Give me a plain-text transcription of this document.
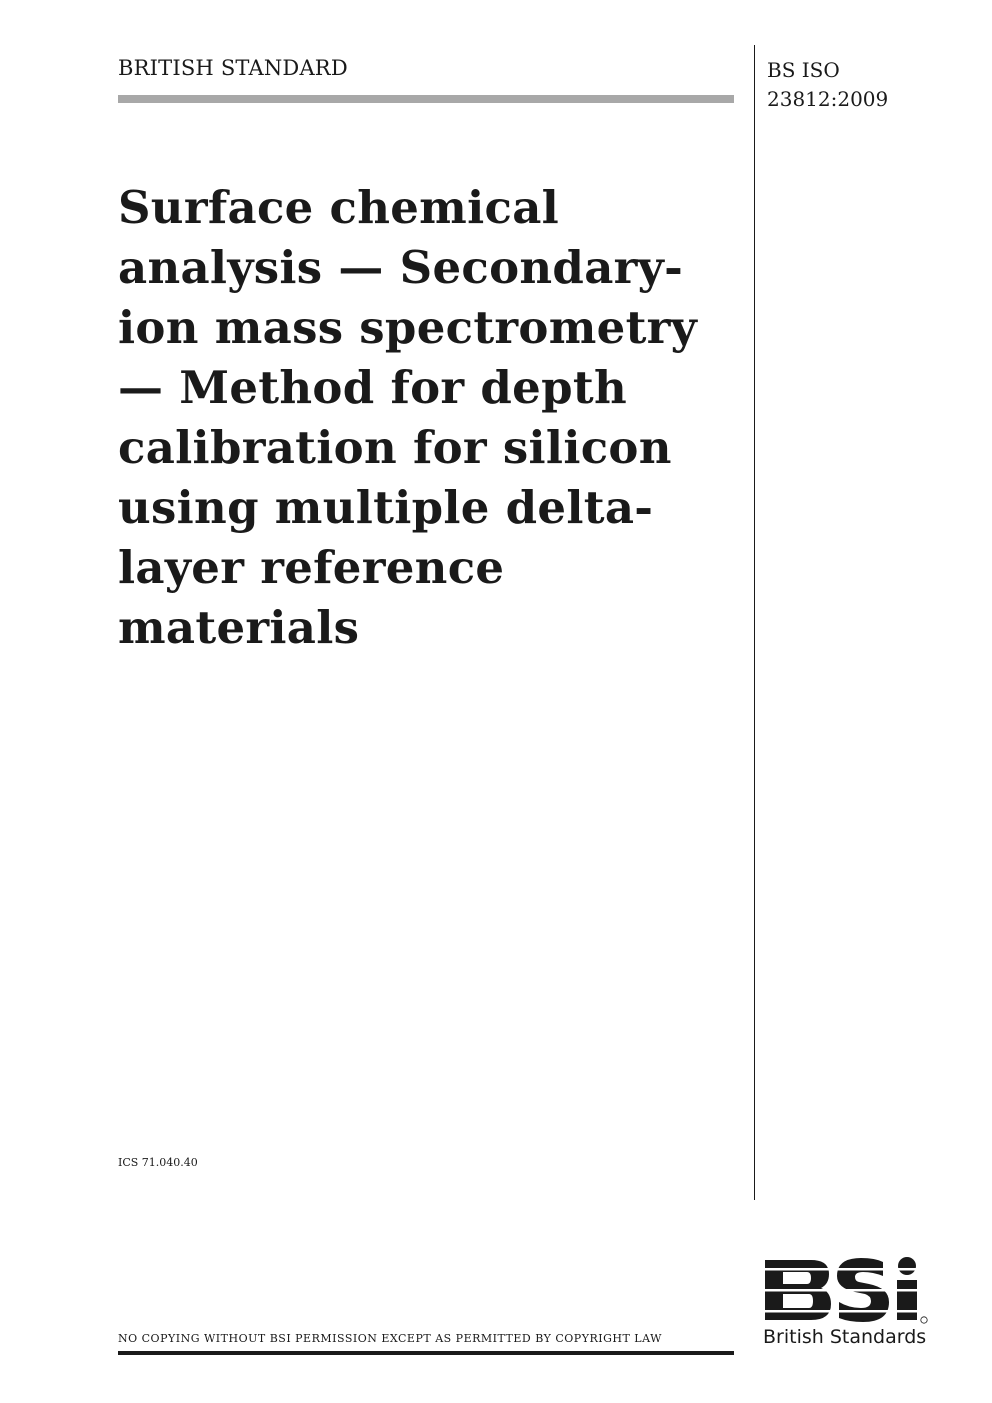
BRITISH STANDARD	BS ISO
23812:2009
Surface chemical
analysis — Secondary-
ion mass spectrometry
— Method for depth
calibration for silicon
using multiple delta-
layer reference
materials
ICS 71.040.40
NO COPYING WITHOUT BSI PERMISSION EXCEPT AS PERMITTED BY COPYRIGHT LAW	British Standards
